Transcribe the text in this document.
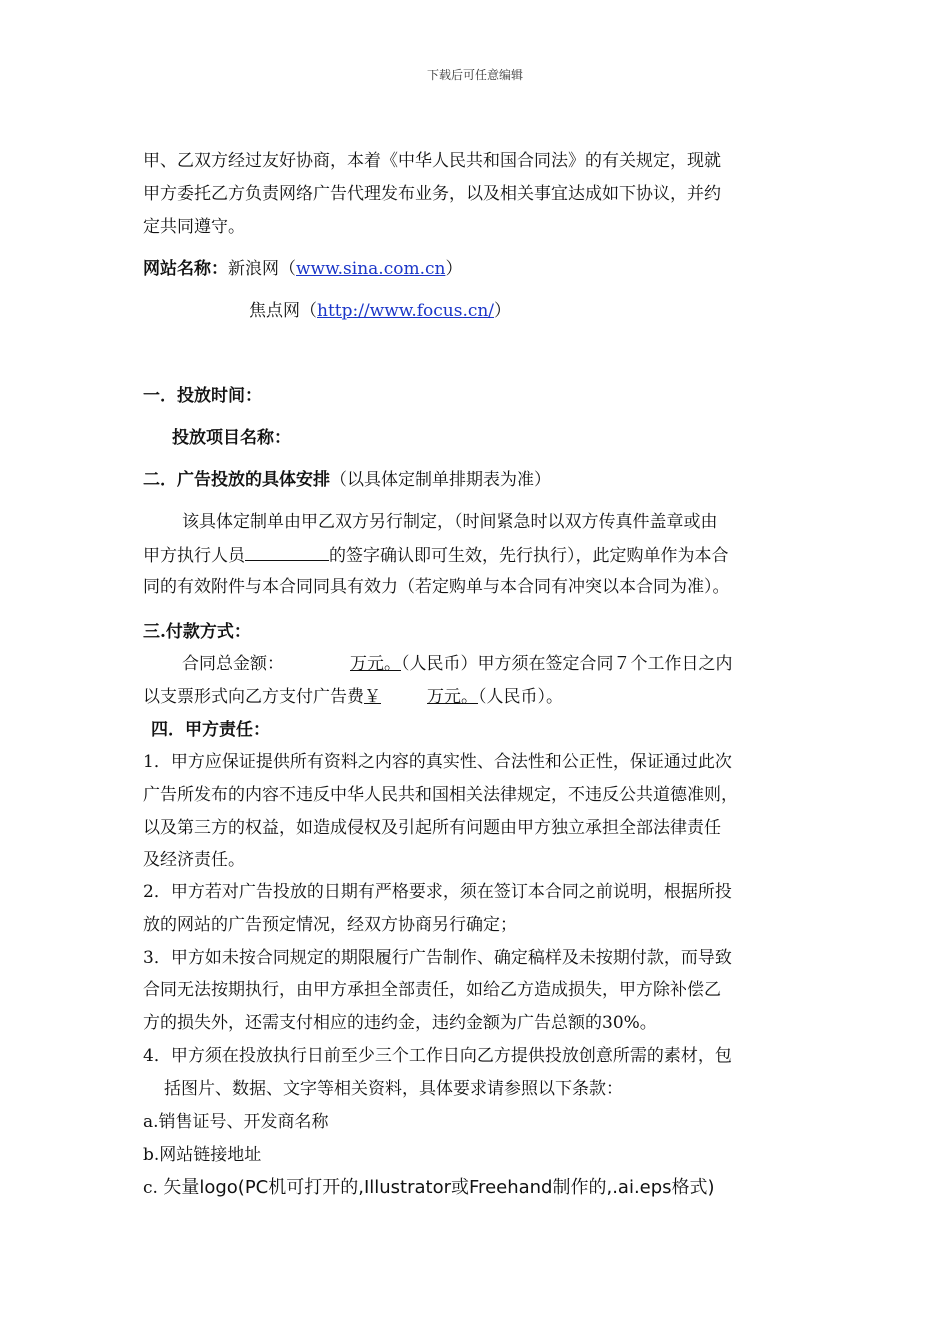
下载后可任意编辑
甲、乙双方经过友好协商，本着《中华人民共和国合同法》的有关规定，现就
甲方委托乙方负责网络广告代理发布业务，以及相关事宜达成如下协议，并约
定共同遵守。
网站名称：新浪网（www.sina.com.cn）
焦点网（http://www.focus.cn/）
一．投放时间：
投放项目名称：
二．广告投放的具体安排（以具体定制单排期表为准）
该具体定制单由甲乙双方另行制定，（时间紧急时以双方传真件盖章或由
甲方执行人员	的签字确认即可生效，先行执行），此定购单作为本合
同的有效附件与本合同同具有效力（若定购单与本合同有冲突以本合同为准）。
三.付款方式：
合同总金额：	万元。（人民币）甲方须在签定合同７个工作日之内
以支票形式向乙方支付广告费￥	万元。（人民币）。
四．甲方责任：
1．甲方应保证提供所有资料之内容的真实性、合法性和公正性，保证通过此次
广告所发布的内容不违反中华人民共和国相关法律规定，不违反公共道德准则，
以及第三方的权益，如造成侵权及引起所有问题由甲方独立承担全部法律责任
及经济责任。
2．甲方若对广告投放的日期有严格要求，须在签订本合同之前说明，根据所投
放的网站的广告预定情况，经双方协商另行确定；
3．甲方如未按合同规定的期限履行广告制作、确定稿样及未按期付款，而导致
合同无法按期执行，由甲方承担全部责任，如给乙方造成损失，甲方除补偿乙
方的损失外，还需支付相应的违约金，违约金额为广告总额的30%。
4．甲方须在投放执行日前至少三个工作日向乙方提供投放创意所需的素材，包
括图片、数据、文字等相关资料，具体要求请参照以下条款：
a.销售证号、开发商名称
b.网站链接地址
c. 矢量logo(PC机可打开的,Illustrator或Freehand制作的,.ai.eps格式)
